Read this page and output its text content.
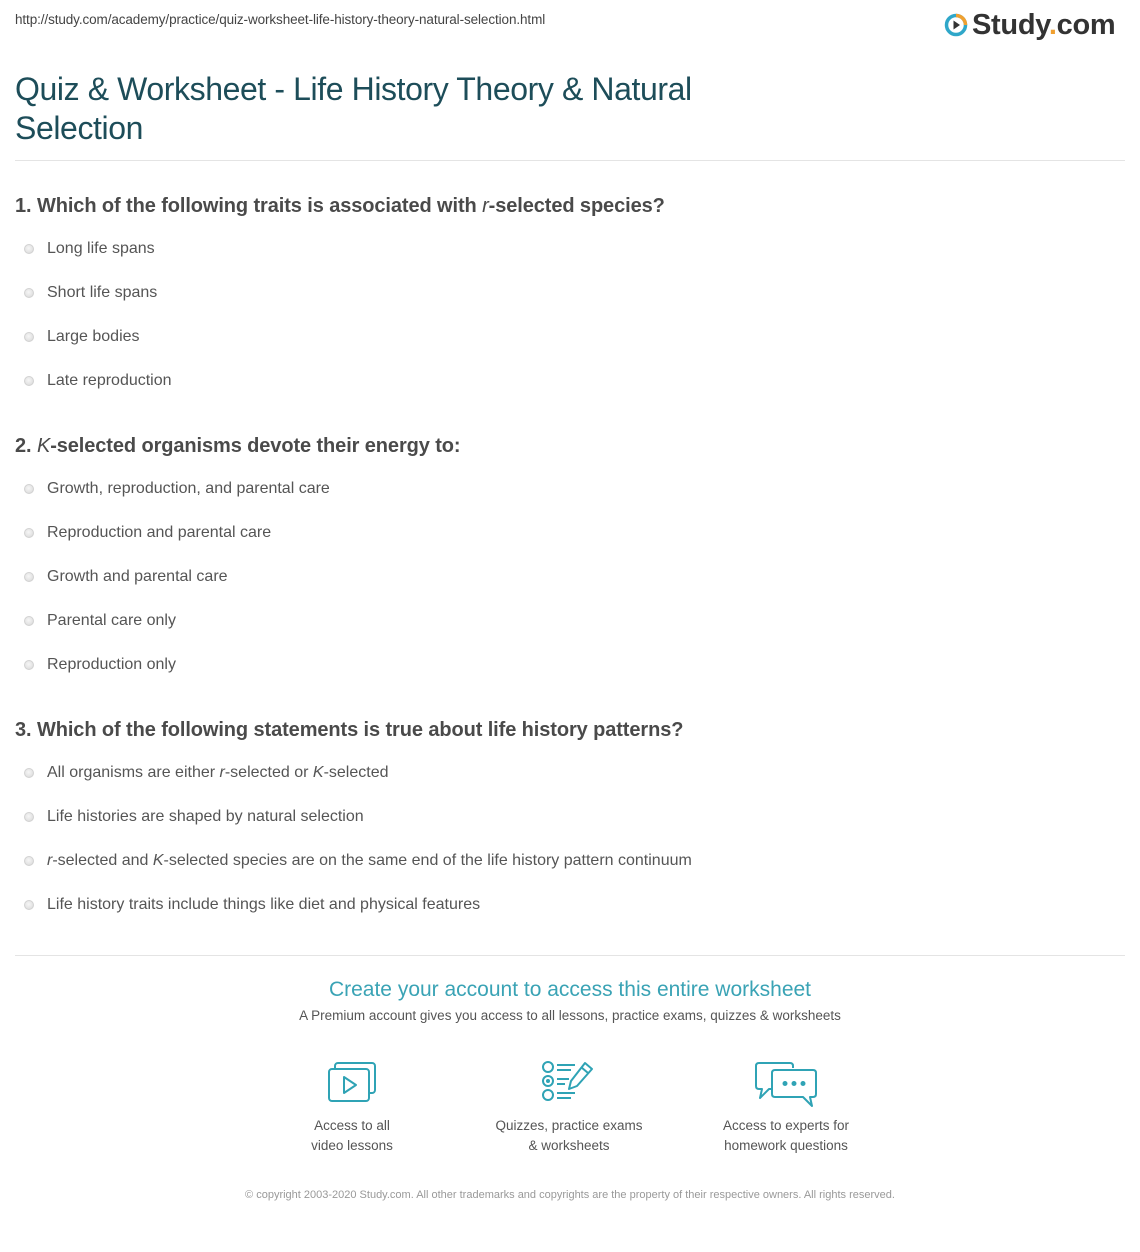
http://study.com/academy/practice/quiz-worksheet-life-history-theory-natural-selection.html	Study.com
Quiz & Worksheet - Life History Theory & Natural Selection

1. Which of the following traits is associated with r-selected species?

Long life spans
Short life spans
Large bodies
Late reproduction

2. K-selected organisms devote their energy to:

Growth, reproduction, and parental care
Reproduction and parental care
Growth and parental care
Parental care only
Reproduction only

3. Which of the following statements is true about life history patterns?

All organisms are either r-selected or K-selected
Life histories are shaped by natural selection
r-selected and K-selected species are on the same end of the life history pattern continuum
Life history traits include things like diet and physical features
Create your account to access this entire worksheet
A Premium account gives you access to all lessons, practice exams, quizzes & worksheets
Access to all
video lessons
Quizzes, practice exams
& worksheets
Access to experts for
homework questions
© copyright 2003-2020 Study.com. All other trademarks and copyrights are the property of their respective owners. All rights reserved.
